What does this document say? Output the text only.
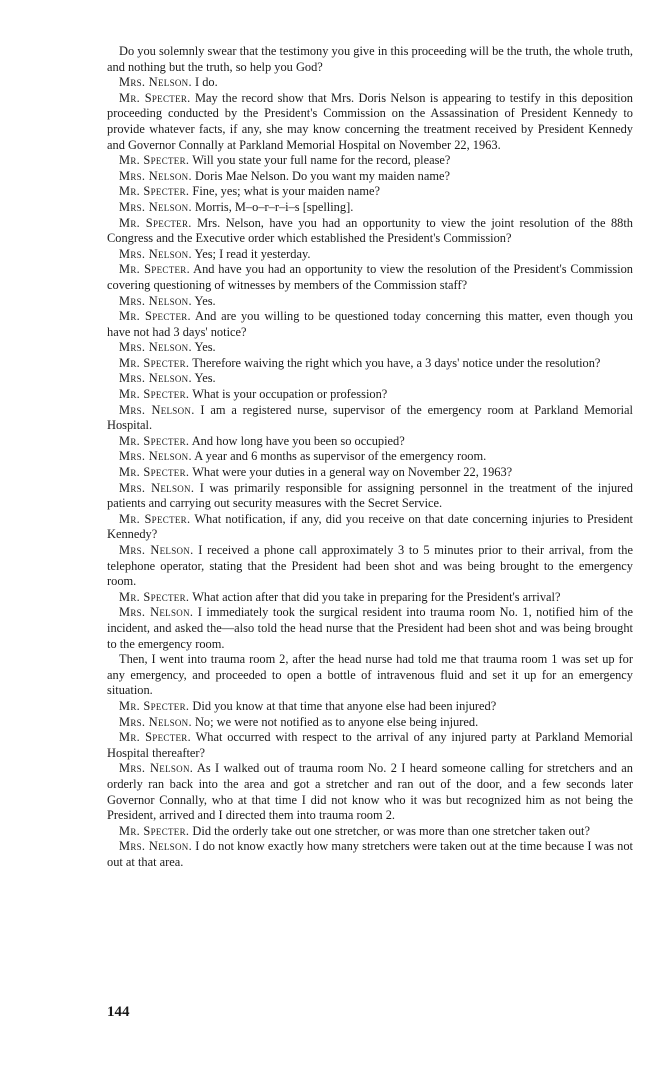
Do you solemnly swear that the testimony you give in this proceeding will be the truth, the whole truth, and nothing but the truth, so help you God?

Mrs. Nelson. I do.

Mr. Specter. May the record show that Mrs. Doris Nelson is appearing to testify in this deposition proceeding conducted by the President's Commission on the Assassination of President Kennedy to provide whatever facts, if any, she may know concerning the treatment received by President Kennedy and Governor Connally at Parkland Memorial Hospital on November 22, 1963.

Mr. Specter. Will you state your full name for the record, please?

Mrs. Nelson. Doris Mae Nelson. Do you want my maiden name?

Mr. Specter. Fine, yes; what is your maiden name?

Mrs. Nelson. Morris, M–o–r–r–i–s [spelling].

Mr. Specter. Mrs. Nelson, have you had an opportunity to view the joint resolution of the 88th Congress and the Executive order which established the President's Commission?

Mrs. Nelson. Yes; I read it yesterday.

Mr. Specter. And have you had an opportunity to view the resolution of the President's Commission covering questioning of witnesses by members of the Commission staff?

Mrs. Nelson. Yes.

Mr. Specter. And are you willing to be questioned today concerning this matter, even though you have not had 3 days' notice?

Mrs. Nelson. Yes.

Mr. Specter. Therefore waiving the right which you have, a 3 days' notice under the resolution?

Mrs. Nelson. Yes.

Mr. Specter. What is your occupation or profession?

Mrs. Nelson. I am a registered nurse, supervisor of the emergency room at Parkland Memorial Hospital.

Mr. Specter. And how long have you been so occupied?

Mrs. Nelson. A year and 6 months as supervisor of the emergency room.

Mr. Specter. What were your duties in a general way on November 22, 1963?

Mrs. Nelson. I was primarily responsible for assigning personnel in the treatment of the injured patients and carrying out security measures with the Secret Service.

Mr. Specter. What notification, if any, did you receive on that date concerning injuries to President Kennedy?

Mrs. Nelson. I received a phone call approximately 3 to 5 minutes prior to their arrival, from the telephone operator, stating that the President had been shot and was being brought to the emergency room.

Mr. Specter. What action after that did you take in preparing for the President's arrival?

Mrs. Nelson. I immediately took the surgical resident into trauma room No. 1, notified him of the incident, and asked the—also told the head nurse that the President had been shot and was being brought to the emergency room.

Then, I went into trauma room 2, after the head nurse had told me that trauma room 1 was set up for any emergency, and proceeded to open a bottle of intravenous fluid and set it up for an emergency situation.

Mr. Specter. Did you know at that time that anyone else had been injured?

Mrs. Nelson. No; we were not notified as to anyone else being injured.

Mr. Specter. What occurred with respect to the arrival of any injured party at Parkland Memorial Hospital thereafter?

Mrs. Nelson. As I walked out of trauma room No. 2 I heard someone calling for stretchers and an orderly ran back into the area and got a stretcher and ran out of the door, and a few seconds later Governor Connally, who at that time I did not know who it was but recognized him as not being the President, arrived and I directed them into trauma room 2.

Mr. Specter. Did the orderly take out one stretcher, or was more than one stretcher taken out?

Mrs. Nelson. I do not know exactly how many stretchers were taken out at the time because I was not out at that area.

144
